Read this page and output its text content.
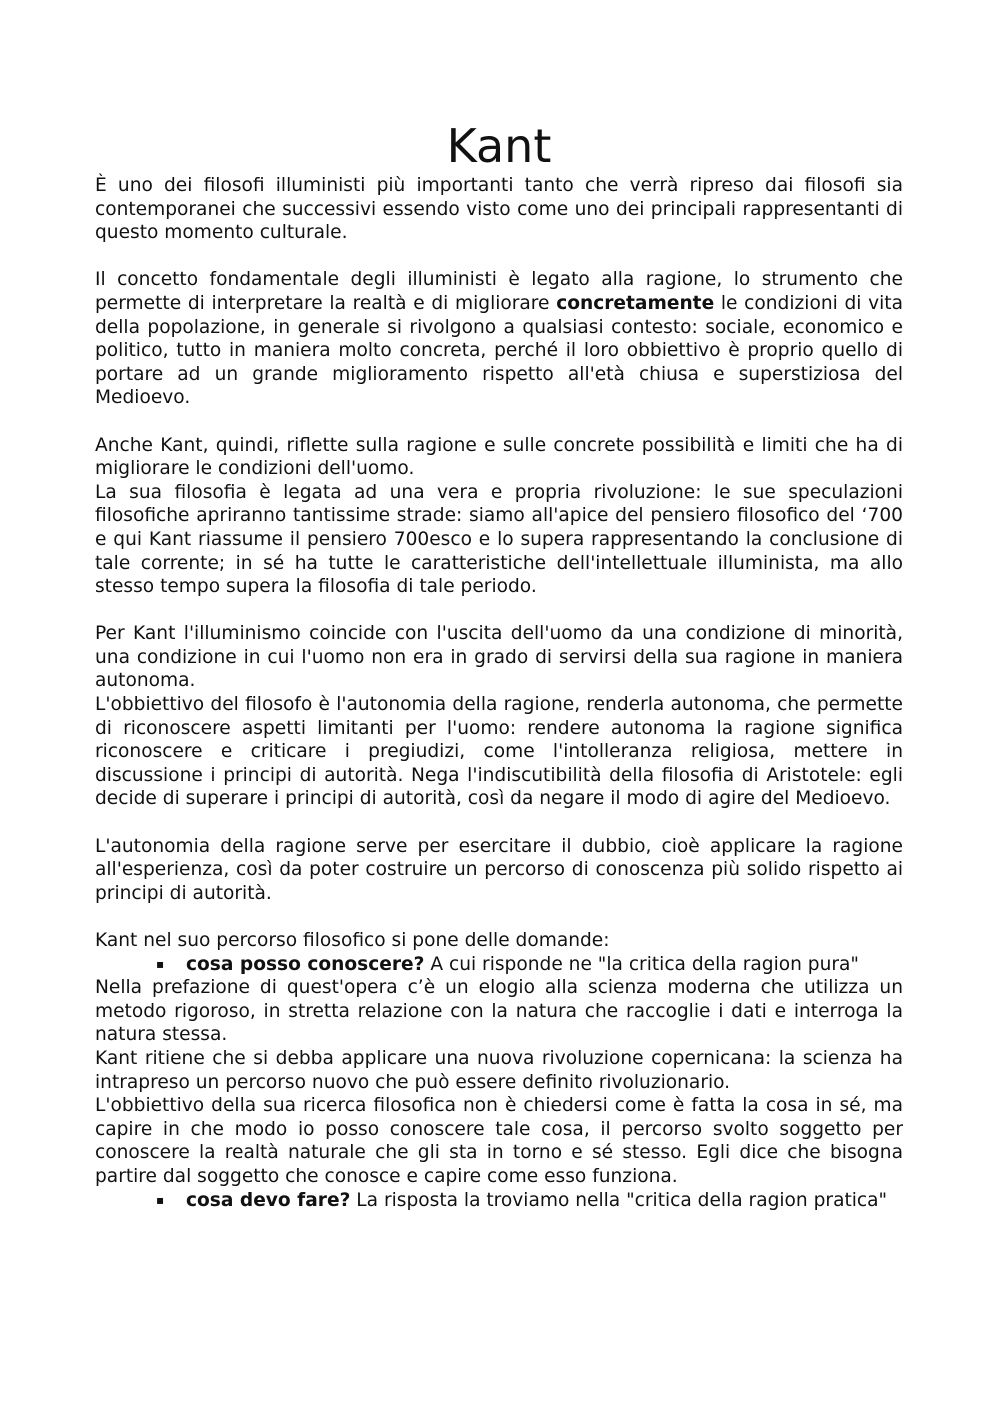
Kant

È uno dei filosofi illuministi più importanti tanto che verrà ripreso dai filosofi sia contemporanei che successivi essendo visto come uno dei principali rappresentanti di questo momento culturale.

Il concetto fondamentale degli illuministi è legato alla ragione, lo strumento che permette di interpretare la realtà e di migliorare concretamente le condizioni di vita della popolazione, in generale si rivolgono a qualsiasi contesto: sociale, economico e politico, tutto in maniera molto concreta, perché il loro obbiettivo è proprio quello di portare ad un grande miglioramento rispetto all'età chiusa e superstiziosa del Medioevo.

Anche Kant, quindi, riflette sulla ragione e sulle concrete possibilità e limiti che ha di migliorare le condizioni dell'uomo.

La sua filosofia è legata ad una vera e propria rivoluzione: le sue speculazioni filosofiche apriranno tantissime strade: siamo all'apice del pensiero filosofico del ‘700 e qui Kant riassume il pensiero 700esco e lo supera rappresentando la conclusione di tale corrente; in sé ha tutte le caratteristiche dell'intellettuale illuminista, ma allo stesso tempo supera la filosofia di tale periodo.

Per Kant l'illuminismo coincide con l'uscita dell'uomo da una condizione di minorità, una condizione in cui l'uomo non era in grado di servirsi della sua ragione in maniera autonoma.

L'obbiettivo del filosofo è l'autonomia della ragione, renderla autonoma, che permette di riconoscere aspetti limitanti per l'uomo: rendere autonoma la ragione significa riconoscere e criticare i pregiudizi, come l'intolleranza religiosa, mettere in discussione i principi di autorità. Nega l'indiscutibilità della filosofia di Aristotele: egli decide di superare i principi di autorità, così da negare il modo di agire del Medioevo.

L'autonomia della ragione serve per esercitare il dubbio, cioè applicare la ragione all'esperienza, così da poter costruire un percorso di conoscenza più solido rispetto ai principi di autorità.

Kant nel suo percorso filosofico si pone delle domande:

▪ cosa posso conoscere? A cui risponde ne "la critica della ragion pura"

Nella prefazione di quest'opera c’è un elogio alla scienza moderna che utilizza un metodo rigoroso, in stretta relazione con la natura che raccoglie i dati e interroga la natura stessa.

Kant ritiene che si debba applicare una nuova rivoluzione copernicana: la scienza ha intrapreso un percorso nuovo che può essere definito rivoluzionario.

L'obbiettivo della sua ricerca filosofica non è chiedersi come è fatta la cosa in sé, ma capire in che modo io posso conoscere tale cosa, il percorso svolto soggetto per conoscere la realtà naturale che gli sta in torno e sé stesso. Egli dice che bisogna partire dal soggetto che conosce e capire come esso funziona.

▪ cosa devo fare? La risposta la troviamo nella "critica della ragion pratica"
